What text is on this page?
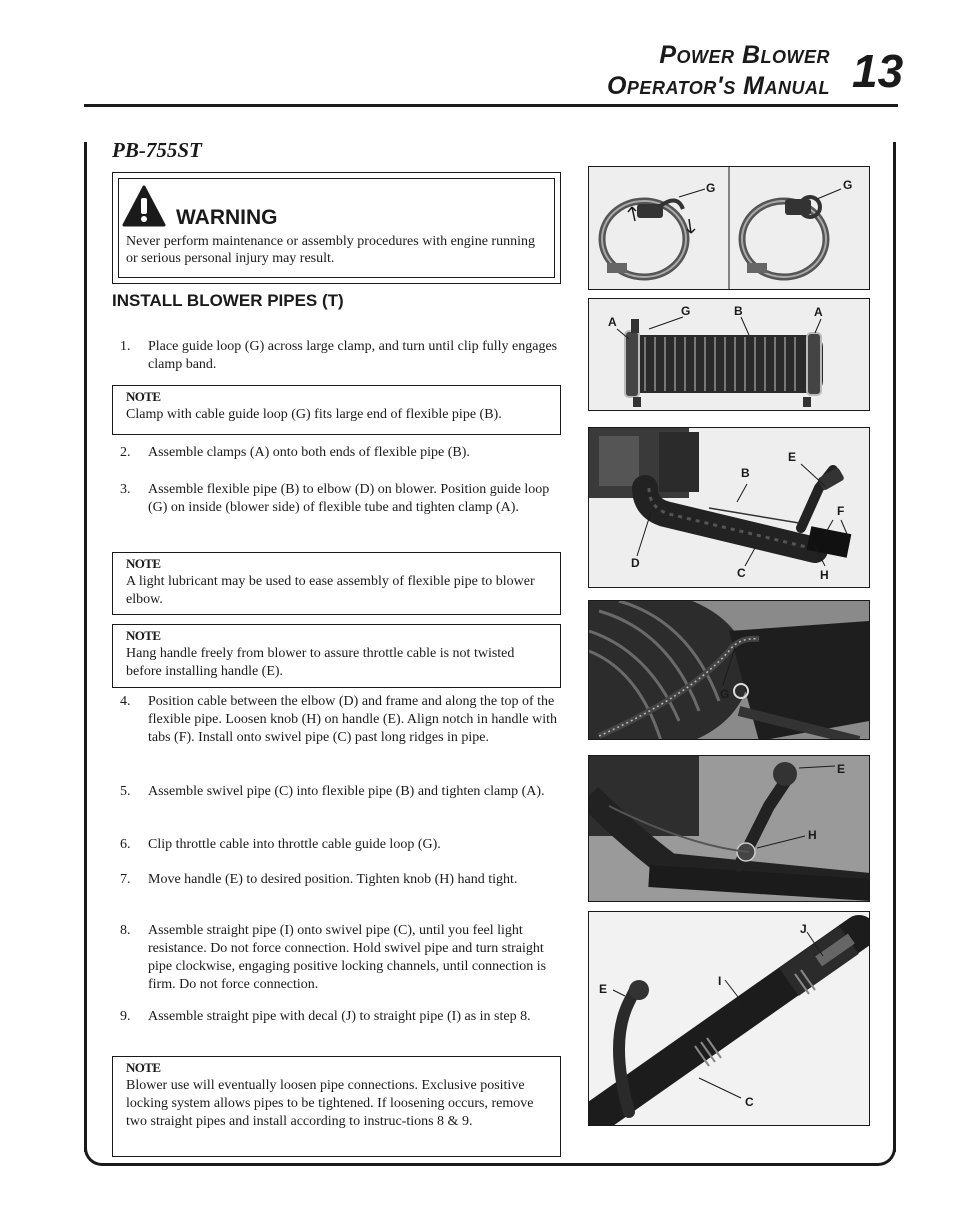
Power Blower
Operator's Manual 13
PB-755ST
WARNING
Never perform maintenance or assembly procedures with engine running or serious personal injury may result.
INSTALL BLOWER PIPES (T)
1.	Place guide loop (G) across large clamp, and turn until clip fully engages clamp band.
NOTE
Clamp with cable guide loop (G) fits large end of flexible pipe (B).
2.	Assemble clamps (A) onto both ends of flexible pipe (B).
3.	Assemble flexible pipe (B) to elbow (D) on blower. Position guide loop (G) on inside (blower side) of flexible tube and tighten clamp (A).
NOTE
A light lubricant may be used to ease assembly of flexible pipe to blower elbow.
NOTE
Hang handle freely from blower to assure throttle cable is not twisted before installing handle (E).
4.	Position cable between the elbow (D) and frame and along the top of the flexible pipe. Loosen knob (H) on handle (E). Align notch in handle with tabs (F). Install onto swivel pipe (C) past long ridges in pipe.
5.	Assemble swivel pipe (C) into flexible pipe (B) and tighten clamp (A).
6.	Clip throttle cable into throttle cable guide loop (G).
7.	Move handle (E) to desired position. Tighten knob (H) hand tight.
8.	Assemble straight pipe (I) onto swivel pipe (C), until you feel light resistance. Do not force connection. Hold swivel pipe and turn straight pipe clockwise, engaging positive locking channels, until connection is firm. Do not force connection.
9.	Assemble straight pipe with decal (J) to straight pipe (I) as in step 8.
NOTE
Blower use will eventually loosen pipe connections. Exclusive positive locking system allows pipes to be tightened. If loosening occurs, remove two straight pipes and install according to instruc-tions 8 & 9.
G	G
A
G	B	A
E
B
F
D
C	H
G
E
H
J
I
E
C
